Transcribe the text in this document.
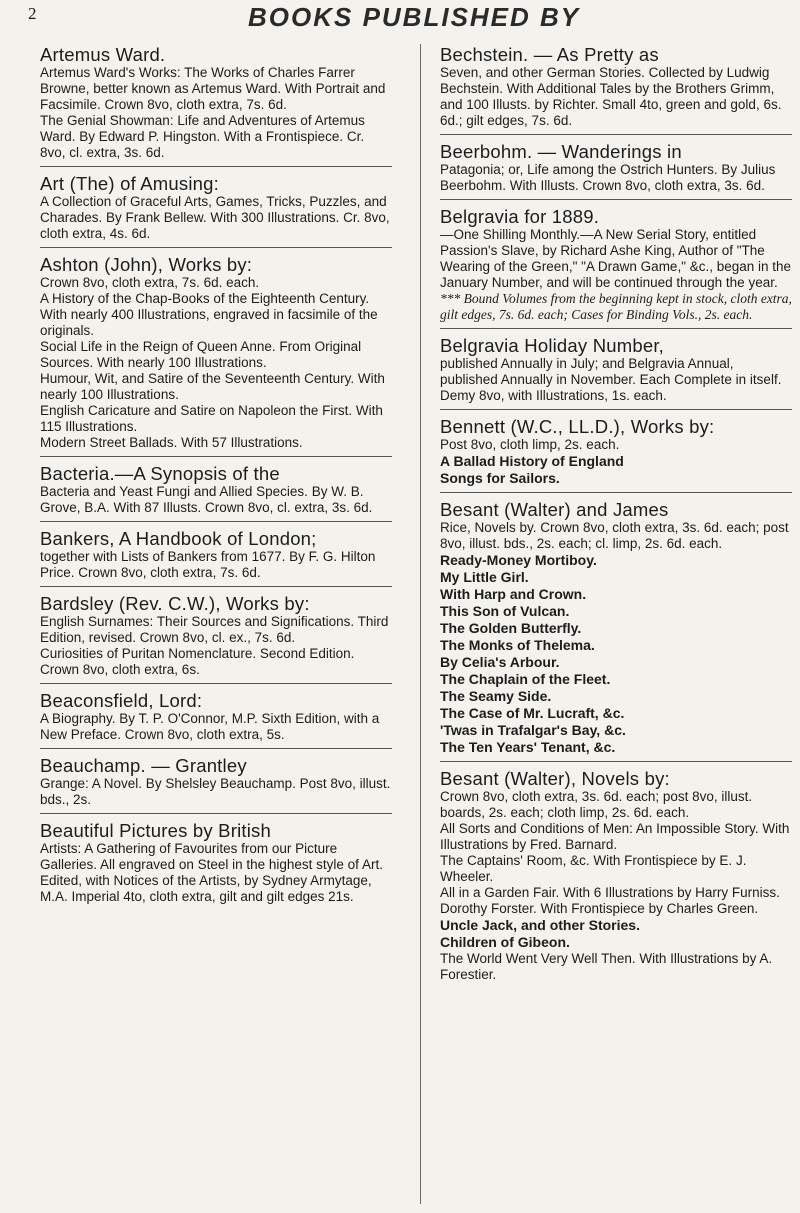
2	BOOKS PUBLISHED BY
Artemus Ward.
Artemus Ward's Works: The Works of Charles Farrer Browne, better known as Artemus Ward. With Portrait and Facsimile. Crown 8vo, cloth extra, 7s. 6d.
The Genial Showman: Life and Adventures of Artemus Ward. By Edward P. Hingston. With a Frontispiece. Cr. 8vo, cl. extra, 3s. 6d.
Art (The) of Amusing:
A Collection of Graceful Arts, Games, Tricks, Puzzles, and Charades. By Frank Bellew. With 300 Illustrations. Cr. 8vo, cloth extra, 4s. 6d.
Ashton (John), Works by:
Crown 8vo, cloth extra, 7s. 6d. each.
A History of the Chap-Books of the Eighteenth Century. With nearly 400 Illustrations, engraved in facsimile of the originals.
Social Life in the Reign of Queen Anne. From Original Sources. With nearly 100 Illustrations.
Humour, Wit, and Satire of the Seventeenth Century. With nearly 100 Illustrations.
English Caricature and Satire on Napoleon the First. With 115 Illustrations.
Modern Street Ballads. With 57 Illustrations.
Bacteria.—A Synopsis of the
Bacteria and Yeast Fungi and Allied Species. By W. B. Grove, B.A. With 87 Illusts. Crown 8vo, cl. extra, 3s. 6d.
Bankers, A Handbook of London;
together with Lists of Bankers from 1677. By F. G. Hilton Price. Crown 8vo, cloth extra, 7s. 6d.
Bardsley (Rev. C.W.), Works by:
English Surnames: Their Sources and Significations. Third Edition, revised. Crown 8vo, cl. ex., 7s. 6d.
Curiosities of Puritan Nomenclature. Second Edition. Crown 8vo, cloth extra, 6s.
Beaconsfield, Lord:
A Biography. By T. P. O'Connor, M.P. Sixth Edition, with a New Preface. Crown 8vo, cloth extra, 5s.
Beauchamp. — Grantley
Grange: A Novel. By Shelsley Beauchamp. Post 8vo, illust. bds., 2s.
Beautiful Pictures by British
Artists: A Gathering of Favourites from our Picture Galleries. All engraved on Steel in the highest style of Art. Edited, with Notices of the Artists, by Sydney Armytage, M.A. Imperial 4to, cloth extra, gilt and gilt edges 21s.
Bechstein. — As Pretty as
Seven, and other German Stories. Collected by Ludwig Bechstein. With Additional Tales by the Brothers Grimm, and 100 Illusts. by Richter. Small 4to, green and gold, 6s. 6d.; gilt edges, 7s. 6d.
Beerbohm. — Wanderings in
Patagonia; or, Life among the Ostrich Hunters. By Julius Beerbohm. With Illusts. Crown 8vo, cloth extra, 3s. 6d.
Belgravia for 1889.
—One Shilling Monthly.—A New Serial Story, entitled Passion's Slave, by Richard Ashe King, Author of "The Wearing of the Green," "A Drawn Game," &c., began in the January Number, and will be continued through the year.
*** Bound Volumes from the beginning kept in stock, cloth extra, gilt edges, 7s. 6d. each; Cases for Binding Vols., 2s. each.
Belgravia Holiday Number,
published Annually in July; and Belgravia Annual, published Annually in November. Each Complete in itself. Demy 8vo, with Illustrations, 1s. each.
Bennett (W.C., LL.D.), Works by:
Post 8vo, cloth limp, 2s. each.
A Ballad History of England
Songs for Sailors.
Besant (Walter) and James
Rice, Novels by. Crown 8vo, cloth extra, 3s. 6d. each; post 8vo, illust. bds., 2s. each; cl. limp, 2s. 6d. each.
Ready-Money Mortiboy.
My Little Girl.
With Harp and Crown.
This Son of Vulcan.
The Golden Butterfly.
The Monks of Thelema.
By Celia's Arbour.
The Chaplain of the Fleet.
The Seamy Side.
The Case of Mr. Lucraft, &c.
'Twas in Trafalgar's Bay, &c.
The Ten Years' Tenant, &c.
Besant (Walter), Novels by:
Crown 8vo, cloth extra, 3s. 6d. each; post 8vo, illust. boards, 2s. each; cloth limp, 2s. 6d. each.
All Sorts and Conditions of Men: An Impossible Story. With Illustrations by Fred. Barnard.
The Captains' Room, &c. With Frontispiece by E. J. Wheeler.
All in a Garden Fair. With 6 Illustrations by Harry Furniss.
Dorothy Forster. With Frontispiece by Charles Green.
Uncle Jack, and other Stories.
Children of Gibeon.
The World Went Very Well Then. With Illustrations by A. Forestier.
